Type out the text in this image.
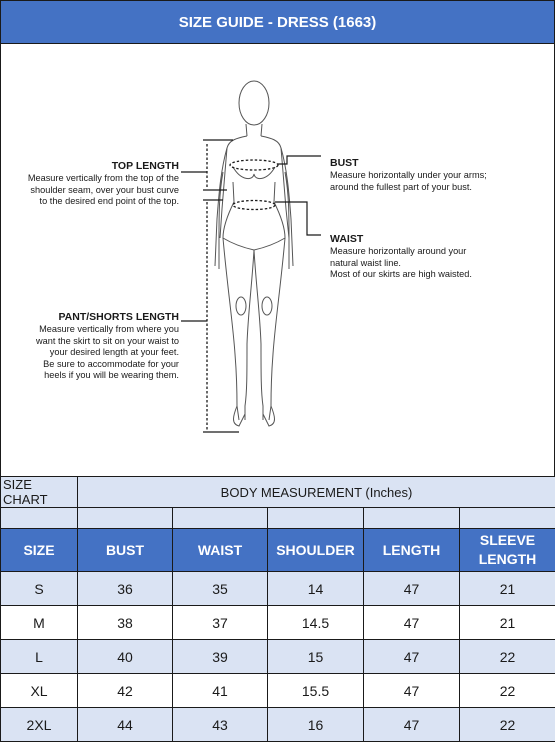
SIZE GUIDE - DRESS (1663)
TOP LENGTH
Measure vertically from the top of the
shoulder seam, over your bust curve
to the desired end point of the top.
BUST
Measure horizontally under your arms;
around the fullest part of your bust.
WAIST
Measure horizontally around your
natural waist line.
Most of our skirts are high waisted.
PANT/SHORTS LENGTH
Measure vertically from where you
want the skirt to sit on your waist to
your desired length at your feet.
Be sure to accommodate for your
heels if you will be wearing them.
SIZE CHART	BODY MEASUREMENT (Inches)				

SIZE	BUST	WAIST	SHOULDER	LENGTH	SLEEVE LENGTH
S	36	35	14	47	21
M	38	37	14.5	47	21
L	40	39	15	47	22
XL	42	41	15.5	47	22
2XL	44	43	16	47	22
